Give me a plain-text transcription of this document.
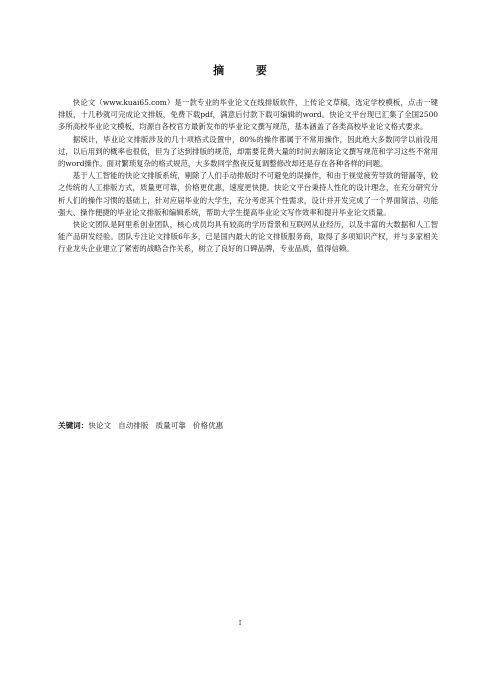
摘 要

快论文（www.kuai65.com）是一款专业的毕业论文在线排版软件，上传论文草稿，选定学校模板，点击一键排版，十几秒就可完成论文排版，免费下载pdf，满意后付款下载可编辑的word。快论文平台现已汇集了全国2500多所高校毕业论文模板，均源自各校官方最新发布的毕业论文撰写规范，基本涵盖了各类高校毕业论文格式要求。

据统计，毕业论文排版涉及的几十项格式设置中，80%的操作都属于不常用操作，因此绝大多数同学以前没用过，以后用到的概率也很低，但为了达到排版的规范，却需要花费大量的时间去解读论文撰写规范和学习这些不常用的word操作。面对繁琐复杂的格式规范，大多数同学熬夜反复调整修改却还是存在各种各样的问题。

基于人工智能的快论文排版系统，剔除了人们手动排版时不可避免的误操作，和由于视觉疲劳导致的错漏等，较之传统的人工排版方式，质量更可靠，价格更优惠，速度更快捷。快论文平台秉持人性化的设计理念，在充分研究分析人们的操作习惯的基础上，针对应届毕业的大学生，充分考虑其个性需求，设计并开发完成了一个界面简洁、功能强大、操作便捷的毕业论文排版和编辑系统，帮助大学生提高毕业论文写作效率和提升毕业论文质量。

快论文团队是阿里系创业团队，核心成员均具有较高的学历背景和互联网从业经历，以及丰富的大数据和人工智能产品研发经验。团队专注论文排版6年多，已是国内最大的论文排版服务商，取得了多项知识产权，并与多家相关行业龙头企业建立了紧密的战略合作关系，树立了良好的口碑品牌，专业品质，值得信赖。

关键词：快论文 自动排版 质量可靠 价格优惠
I
